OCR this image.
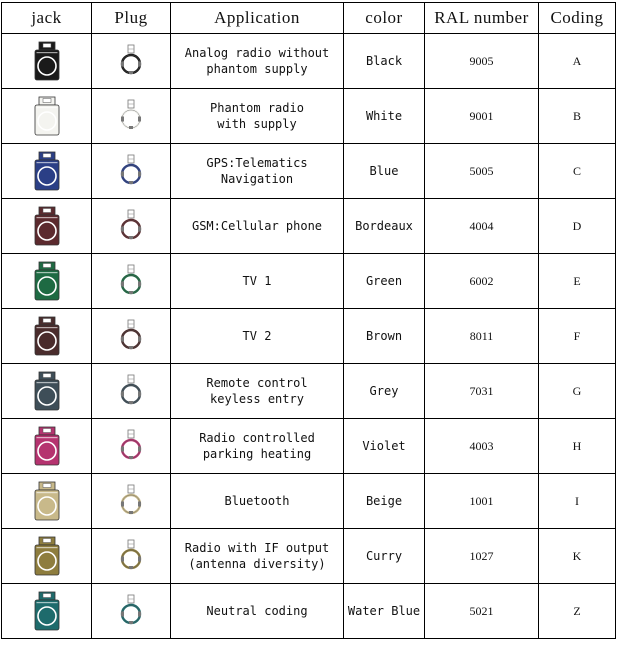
jack	Plug	Application	color	RAL number	Coding

	Analog radio without
phantom supply	Black	9005	A

	Phantom radio
with supply	White	9001	B

	GPS:Telematics
Navigation	Blue	5005	C

	GSM:Cellular phone	Bordeaux	4004	D

	TV 1	Green	6002	E

	TV 2	Brown	8011	F

	Remote control
keyless entry	Grey	7031	G

	Radio controlled
parking heating	Violet	4003	H

	Bluetooth	Beige	1001	I

	Radio with IF output
(antenna diversity)	Curry	1027	K

	Neutral coding	Water Blue	5021	Z
